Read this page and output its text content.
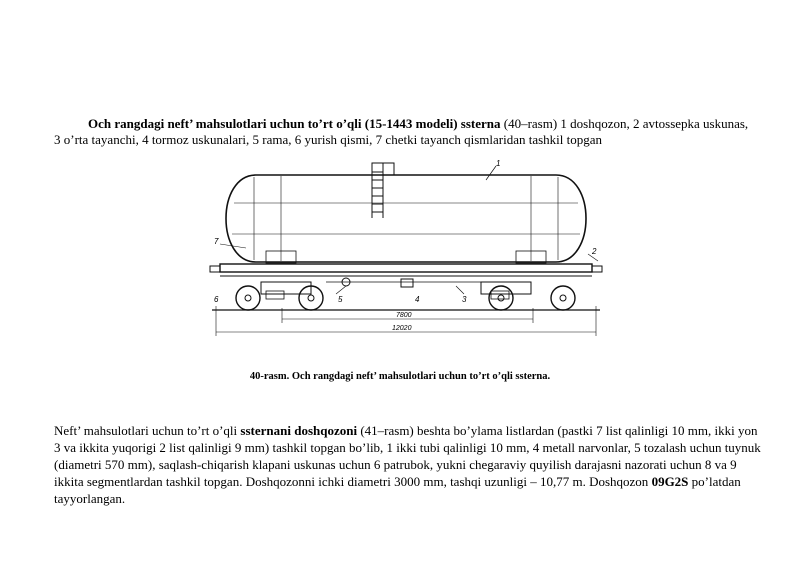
Och rangdagi neft’ mahsulotlari uchun to’rt o’qli (15-1443 modeli) ssterna (40–rasm) 1 doshqozon, 2 avtossepka uskunas, 3 o’rta tayanchi, 4 tormoz uskunalari, 5 rama, 6 yurish qismi, 7 chetki tayanch qismlaridan tashkil topgan

1
2
3
4
5
6
7
7800
12020
40-rasm. Och rangdagi neft’ mahsulotlari uchun to’rt o’qli ssterna.

Neft’ mahsulotlari uchun to’rt o’qli ssternani doshqozoni (41–rasm) beshta bo’ylama listlardan (pastki 7 list qalinligi 10 mm, ikki yon 3 va ikkita yuqorigi 2 list qalinligi 9 mm) tashkil topgan bo’lib, 1 ikki tubi qalinligi 10 mm, 4 metall narvonlar, 5 tozalash uchun tuynuk (diametri 570 mm), saqlash-chiqarish klapani uskunas uchun 6 patrubok, yukni chegaraviy quyilish darajasni nazorati uchun 8 va 9 ikkita segmentlardan tashkil topgan. Doshqozonni ichki diametri 3000 mm, tashqi uzunligi – 10,77 m. Doshqozon 09G2S po’latdan tayyorlangan.
